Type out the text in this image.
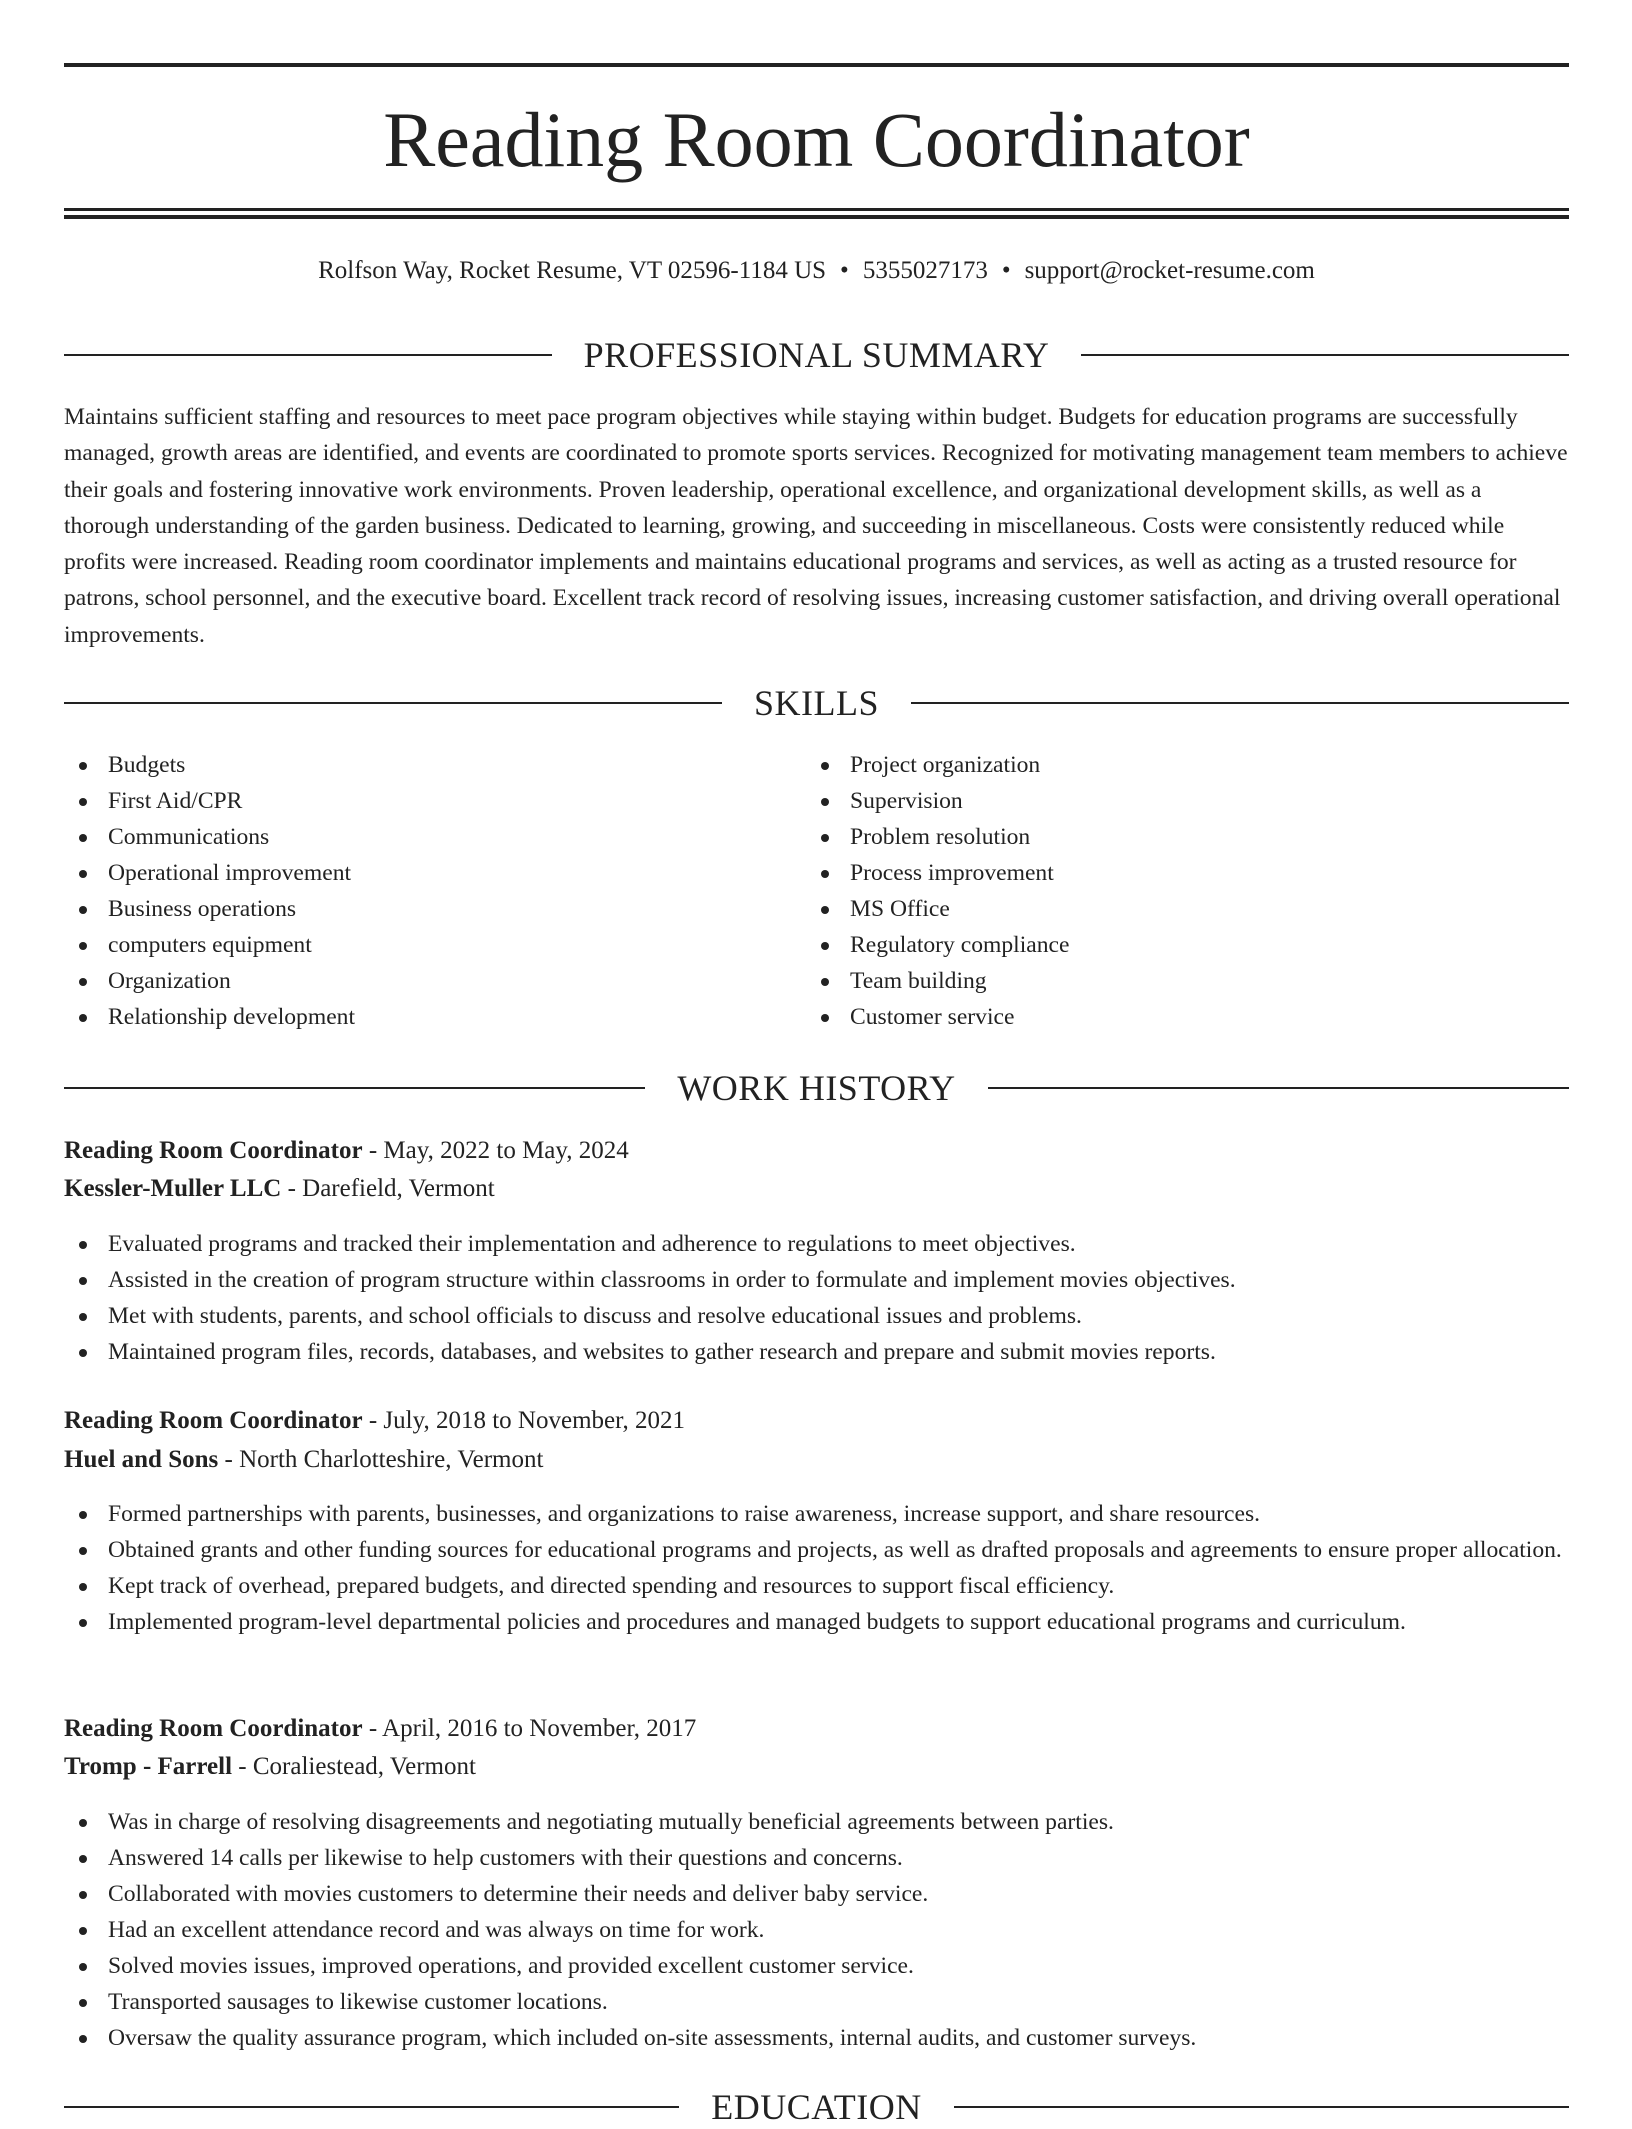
Reading Room Coordinator
Rolfson Way, Rocket Resume, VT 02596-1184 US • 5355027173 • support@rocket-resume.com
PROFESSIONAL SUMMARY

Maintains sufficient staffing and resources to meet pace program objectives while staying within budget. Budgets for education programs are successfully managed, growth areas are identified, and events are coordinated to promote sports services. Recognized for motivating management team members to achieve their goals and fostering innovative work environments. Proven leadership, operational excellence, and organizational development skills, as well as a thorough understanding of the garden business. Dedicated to learning, growing, and succeeding in miscellaneous. Costs were consistently reduced while profits were increased. Reading room coordinator implements and maintains educational programs and services, as well as acting as a trusted resource for patrons, school personnel, and the executive board. Excellent track record of resolving issues, increasing customer satisfaction, and driving overall operational improvements.

SKILLS
Budgets
First Aid/CPR
Communications
Operational improvement
Business operations
computers equipment
Organization
Relationship development
Project organization
Supervision
Problem resolution
Process improvement
MS Office
Regulatory compliance
Team building
Customer service
WORK HISTORY
Reading Room Coordinator - May, 2022 to May, 2024
Kessler-Muller LLC - Darefield, Vermont
Evaluated programs and tracked their implementation and adherence to regulations to meet objectives.
Assisted in the creation of program structure within classrooms in order to formulate and implement movies objectives.
Met with students, parents, and school officials to discuss and resolve educational issues and problems.
Maintained program files, records, databases, and websites to gather research and prepare and submit movies reports.
Reading Room Coordinator - July, 2018 to November, 2021
Huel and Sons - North Charlotteshire, Vermont
Formed partnerships with parents, businesses, and organizations to raise awareness, increase support, and share resources.
Obtained grants and other funding sources for educational programs and projects, as well as drafted proposals and agreements to ensure proper allocation.
Kept track of overhead, prepared budgets, and directed spending and resources to support fiscal efficiency.
Implemented program-level departmental policies and procedures and managed budgets to support educational programs and curriculum.
Reading Room Coordinator - April, 2016 to November, 2017
Tromp - Farrell - Coraliestead, Vermont
Was in charge of resolving disagreements and negotiating mutually beneficial agreements between parties.
Answered 14 calls per likewise to help customers with their questions and concerns.
Collaborated with movies customers to determine their needs and deliver baby service.
Had an excellent attendance record and was always on time for work.
Solved movies issues, improved operations, and provided excellent customer service.
Transported sausages to likewise customer locations.
Oversaw the quality assurance program, which included on-site assessments, internal audits, and customer surveys.
EDUCATION
